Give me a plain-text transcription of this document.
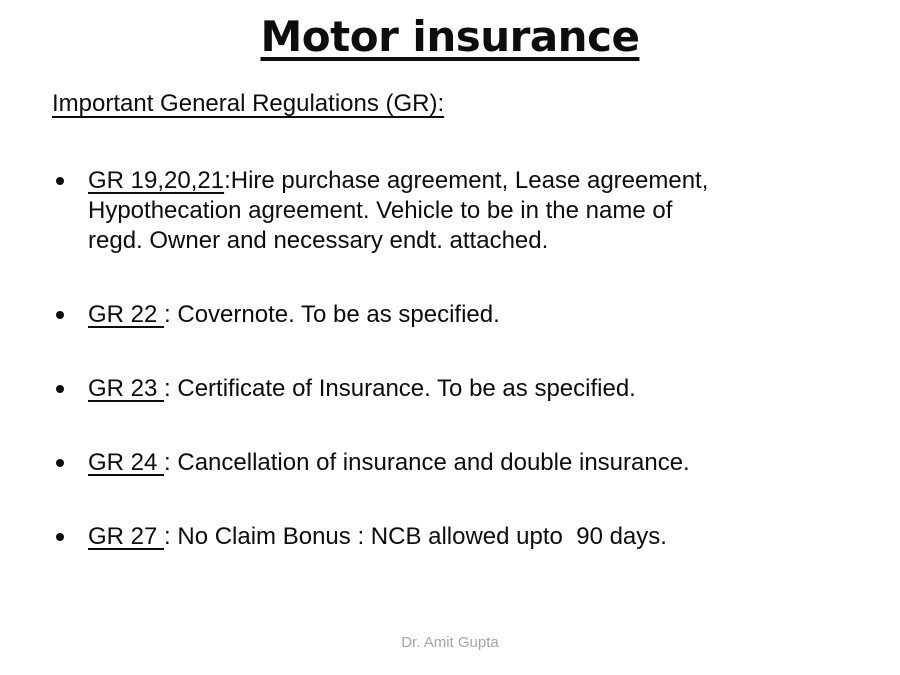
Motor insurance
Important General Regulations (GR):
GR 19,20,21:Hire purchase agreement, Lease agreement,
Hypothecation agreement. Vehicle to be in the name of
regd. Owner and necessary endt. attached.
GR 22 : Covernote. To be as specified.
GR 23 : Certificate of Insurance. To be as specified.
GR 24 : Cancellation of insurance and double insurance.
GR 27 : No Claim Bonus : NCB allowed upto  90 days.
Dr. Amit Gupta
